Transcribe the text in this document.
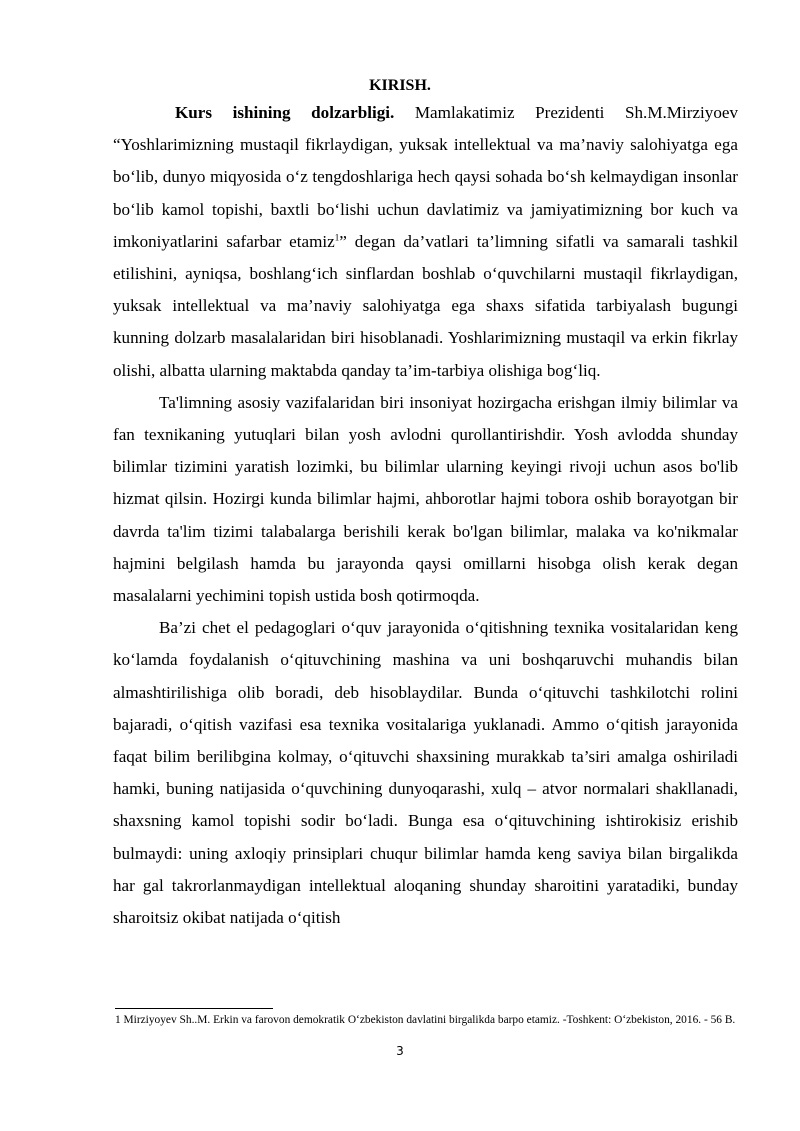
KIRISH.

Kurs ishining dolzarbligi. Mamlakatimiz Prezidenti Sh.M.Mirziyoev “Yoshlarimizning mustaqil fikrlaydigan, yuksak intellektual va ma’naviy salohiyatga ega bo‘lib, dunyo miqyosida o‘z tengdoshlariga hech qaysi sohada bo‘sh kelmaydigan insonlar bo‘lib kamol topishi, baxtli bo‘lishi uchun davlatimiz va jamiyatimizning bor kuch va imkoniyatlarini safarbar etamiz$^1$” degan da’vatlari ta’limning sifatli va samarali tashkil etilishini, ayniqsa, boshlang‘ich sinflardan boshlab o‘quvchilarni mustaqil fikrlaydigan, yuksak intellektual va ma’naviy salohiyatga ega shaxs sifatida tarbiyalash bugungi kunning dolzarb masalalaridan biri hisoblanadi. Yoshlarimizning mustaqil va erkin fikrlay olishi, albatta ularning maktabda qanday ta’im-tarbiya olishiga bog‘liq.

Ta'limning asosiy vazifalaridan biri insoniyat hozirgacha erishgan ilmiy bilimlar va fan texnikaning yutuqlari bilan yosh avlodni qurollantirishdir. Yosh avlodda shunday bilimlar tizimini yaratish lozimki, bu bilimlar ularning keyingi rivoji uchun asos bo'lib hizmat qilsin. Hozirgi kunda bilimlar hajmi, ahborotlar hajmi tobora oshib borayotgan bir davrda ta'lim tizimi talabalarga berishili kerak bo'lgan bilimlar, malaka va ko'nikmalar hajmini belgilash hamda bu jarayonda qaysi omillarni hisobga olish kerak degan masalalarni yechimini topish ustida bosh qotirmoqda.

Ba’zi chet el pedagoglari o‘quv jarayonida o‘qitishning texnika vositalaridan keng ko‘lamda foydalanish o‘qituvchining mashina va uni boshqaruvchi muhandis bilan almashtirilishiga olib boradi, deb hisoblaydilar. Bunda o‘qituvchi tashkilotchi rolini bajaradi, o‘qitish vazifasi esa texnika vositalariga yuklanadi. Ammo o‘qitish jarayonida faqat bilim berilibgina kolmay, o‘qituvchi shaxsining murakkab ta’siri amalga oshiriladi hamki, buning natijasida o‘quvchining dunyoqarashi, xulq – atvor normalari shakllanadi, shaxsning kamol topishi sodir bo‘ladi. Bunga esa o‘qituvchining ishtirokisiz erishib bulmaydi: uning axloqiy prinsiplari chuqur bilimlar hamda keng saviya bilan birgalikda har gal takrorlanmaydigan intellektual aloqaning shunday sharoitini yaratadiki, bunday sharoitsiz okibat natijada o‘qitish

1 Mirziyoyev Sh..M. Erkin va farovon demokratik O‘zbekiston davlatini birgalikda barpo etamiz. -Toshkent: O‘zbekiston, 2016. - 56 B.
3
